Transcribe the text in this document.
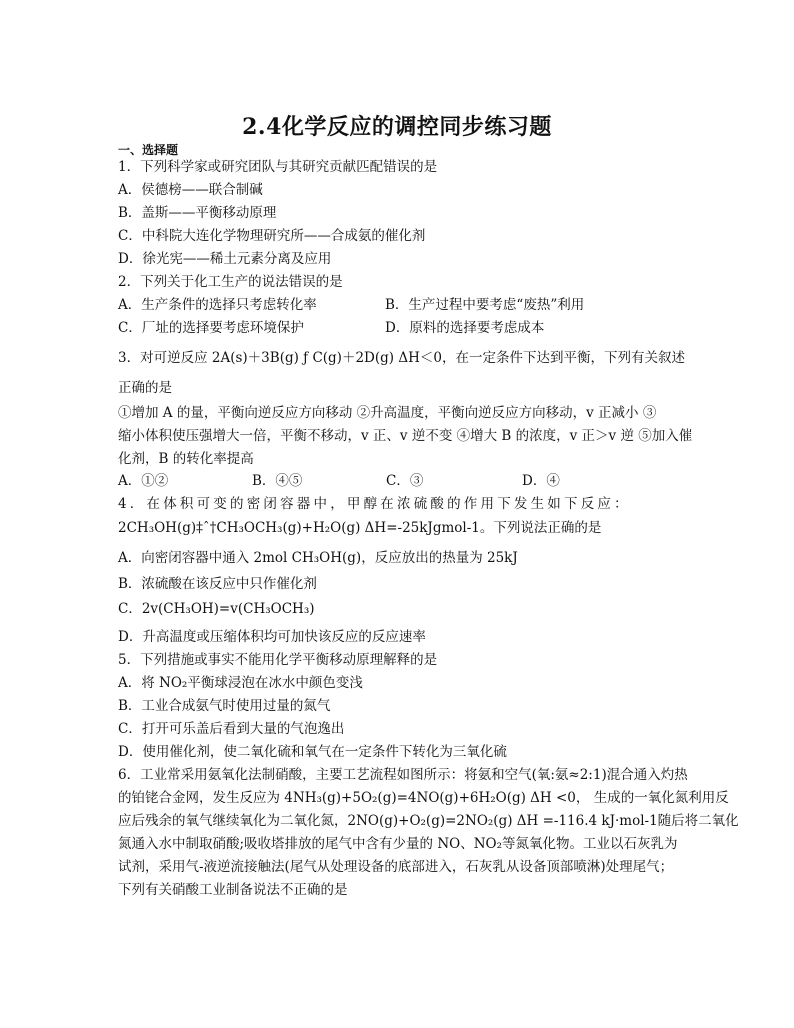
2.4化学反应的调控同步练习题
一、选择题
1．下列科学家或研究团队与其研究贡献匹配错误的是
A．侯德榜——联合制碱
B．盖斯——平衡移动原理
C．中科院大连化学物理研究所——合成氨的催化剂
D．徐光宪——稀土元素分离及应用
2．下列关于化工生产的说法错误的是
A．生产条件的选择只考虑转化率	B．生产过程中要考虑“废热”利用
C．厂址的选择要考虑环境保护	D．原料的选择要考虑成本
3．对可逆反应 2A(s)＋3B(g) ƒ C(g)＋2D(g) ΔH＜0，在一定条件下达到平衡，下列有关叙述
正确的是
①增加 A 的量，平衡向逆反应方向移动 ②升高温度，平衡向逆反应方向移动，v 正减小 ③
缩小体积使压强增大一倍，平衡不移动，v 正、v 逆不变 ④增大 B 的浓度，v 正＞v 逆 ⑤加入催
化剂，B 的转化率提高
A．①②	B．④⑤	C．③	D．④
4．在体积可变的密闭容器中，甲醇在浓硫酸的作用下发生如下反应：
2CH₃OH(g)‡ˆ†CH₃OCH₃(g)+H₂O(g) ΔH=-25kJgmol-1。下列说法正确的是
A．向密闭容器中通入 2mol CH₃OH(g)，反应放出的热量为 25kJ
B．浓硫酸在该反应中只作催化剂
C．2v(CH₃OH)=v(CH₃OCH₃)
D．升高温度或压缩体积均可加快该反应的反应速率
5．下列措施或事实不能用化学平衡移动原理解释的是
A．将 NO₂平衡球浸泡在冰水中颜色变浅
B．工业合成氨气时使用过量的氮气
C．打开可乐盖后看到大量的气泡逸出
D．使用催化剂，使二氧化硫和氧气在一定条件下转化为三氧化硫
6．工业常采用氨氧化法制硝酸，主要工艺流程如图所示：将氨和空气(氧:氨≈2:1)混合通入灼热
的铂铑合金网，发生反应为 4NH₃(g)+5O₂(g)=4NO(g)+6H₂O(g) ΔH <0， 生成的一氧化氮利用反
应后残余的氧气继续氧化为二氧化氮，2NO(g)+O₂(g)=2NO₂(g) ΔH =-116.4 kJ·mol-1随后将二氧化
氮通入水中制取硝酸;吸收塔排放的尾气中含有少量的 NO、NO₂等氮氧化物。工业以石灰乳为
试剂，采用气-液逆流接触法(尾气从处理设备的底部进入，石灰乳从设备顶部喷淋)处理尾气；
下列有关硝酸工业制备说法不正确的是
